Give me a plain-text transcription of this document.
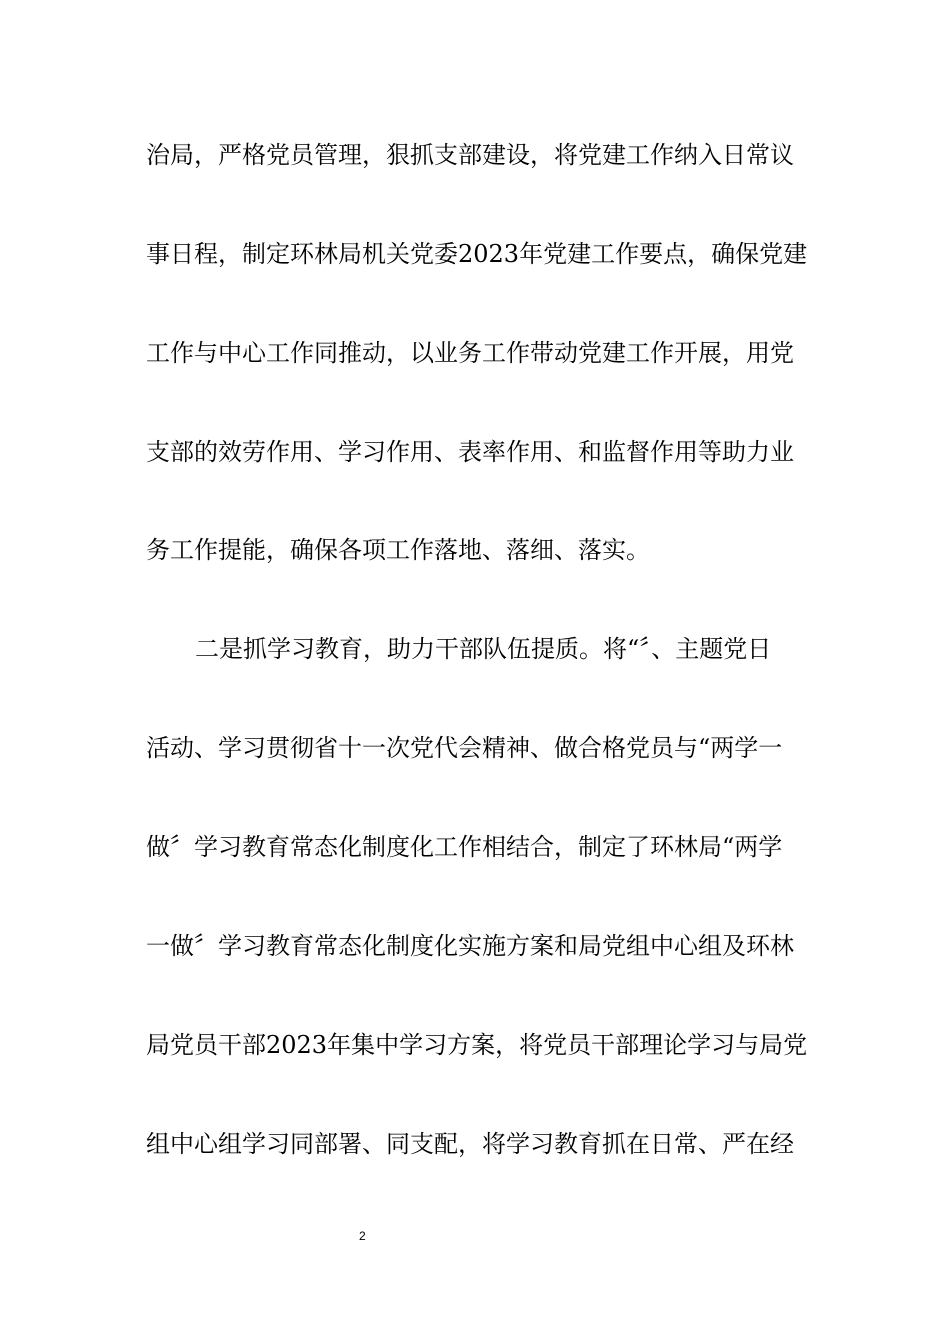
治局，严格党员管理，狠抓支部建设，将党建工作纳入日常议

事日程，制定环林局机关党委2023年党建工作要点，确保党建

工作与中心工作同推动，以业务工作带动党建工作开展，用党

支部的效劳作用、学习作用、表率作用、和监督作用等助力业

务工作提能，确保各项工作落地、落细、落实。

二是抓学习教育，助力干部队伍提质。将“〞、主题党日

活动、学习贯彻省十一次党代会精神、做合格党员与“两学一

做〞学习教育常态化制度化工作相结合，制定了环林局“两学

一做〞学习教育常态化制度化实施方案和局党组中心组及环林

局党员干部2023年集中学习方案，将党员干部理论学习与局党

组中心组学习同部署、同支配，将学习教育抓在日常、严在经

2
